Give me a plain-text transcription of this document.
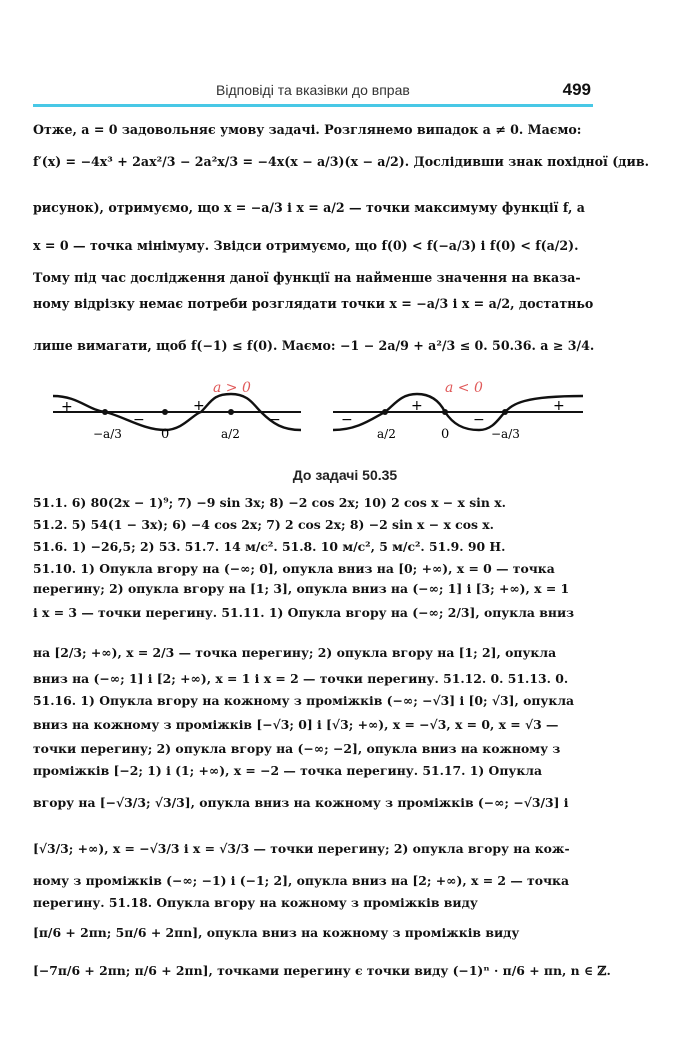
Відповіді та вказівки до вправ	499
Отже, a = 0 задовольняє умову задачі. Розглянемо випадок a ≠ 0. Маємо:
f′(x) = −4x³ + 2ax²/3 − 2a²x/3 = −4x(x − a/3)(x − a/2). Дослідивши знак похідної (див.
рисунок), отримуємо, що x = −a/3 і x = a/2 — точки максимуму функції f, а
x = 0 — точка мінімуму. Звідси отримуємо, що f(0) < f(−a/3) і f(0) < f(a/2).
Тому під час дослідження даної функції на найменше значення на вказа-
ному відрізку немає потреби розглядати точки x = −a/3 і x = a/2, достатньо
лише вимагати, щоб f(−1) ≤ f(0). Маємо: −1 − 2a/9 + a²/3 ≤ 0. 50.36. a ≥ 3/4.
a > 0
+
−
+
−
−a/3	0	a/2
a < 0
−
+
−
+
a/2	0	−a/3
До задачі 50.35
51.1. 6) 80(2x − 1)⁹; 7) −9 sin 3x; 8) −2 cos 2x; 10) 2 cos x − x sin x.
51.2. 5) 54(1 − 3x); 6) −4 cos 2x; 7) 2 cos 2x; 8) −2 sin x − x cos x.
51.6. 1) −26,5; 2) 53. 51.7. 14 м/с². 51.8. 10 м/с², 5 м/с². 51.9. 90 Н.
51.10. 1) Опукла вгору на (−∞; 0], опукла вниз на [0; +∞), x = 0 — точка
перегину; 2) опукла вгору на [1; 3], опукла вниз на (−∞; 1] і [3; +∞), x = 1
і x = 3 — точки перегину. 51.11. 1) Опукла вгору на (−∞; 2/3], опукла вниз
на [2/3; +∞), x = 2/3 — точка перегину; 2) опукла вгору на [1; 2], опукла
вниз на (−∞; 1] і [2; +∞), x = 1 і x = 2 — точки перегину. 51.12. 0. 51.13. 0.
51.16. 1) Опукла вгору на кожному з проміжків (−∞; −√3] і [0; √3], опукла
вниз на кожному з проміжків [−√3; 0] і [√3; +∞), x = −√3, x = 0, x = √3 —
точки перегину; 2) опукла вгору на (−∞; −2], опукла вниз на кожному з
проміжків [−2; 1) і (1; +∞), x = −2 — точка перегину. 51.17. 1) Опукла
вгору на [−√3/3; √3/3], опукла вниз на кожному з проміжків (−∞; −√3/3] і
[√3/3; +∞), x = −√3/3 і x = √3/3 — точки перегину; 2) опукла вгору на кож-
ному з проміжків (−∞; −1) і (−1; 2], опукла вниз на [2; +∞), x = 2 — точка
перегину. 51.18. Опукла вгору на кожному з проміжків виду
[π/6 + 2πn; 5π/6 + 2πn], опукла вниз на кожному з проміжків виду
[−7π/6 + 2πn; π/6 + 2πn], точками перегину є точки виду (−1)ⁿ · π/6 + πn, n ∈ ℤ.
